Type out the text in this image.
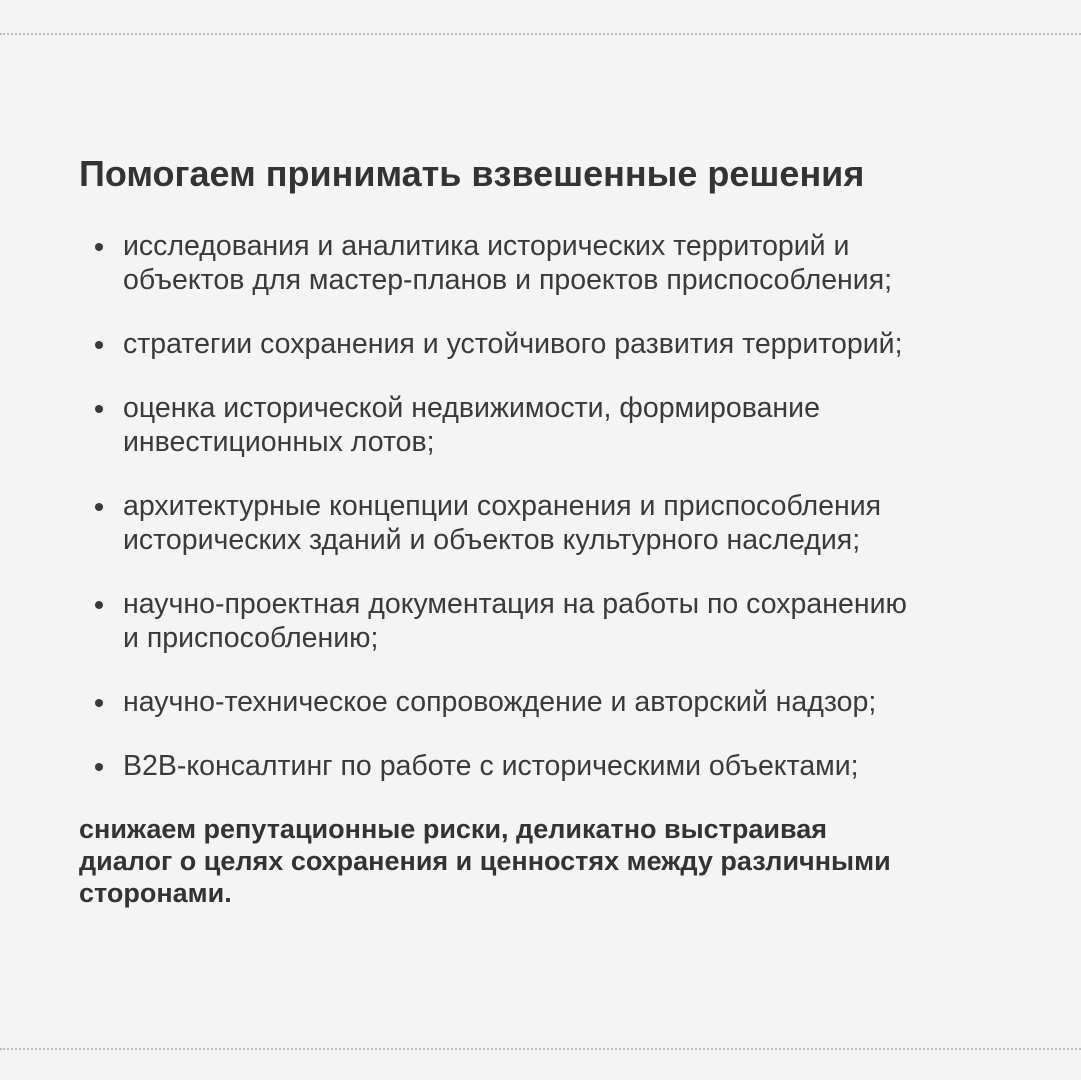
Помогаем принимать взвешенные решения
исследования и аналитика исторических территорий и
объектов для мастер-планов и проектов приспособления;
стратегии сохранения и устойчивого развития территорий;
оценка исторической недвижимости, формирование
инвестиционных лотов;
архитектурные концепции сохранения и приспособления
исторических зданий и объектов культурного наследия;
научно-проектная документация на работы по сохранению
и приспособлению;
научно-техническое сопровождение и авторский надзор;
B2B-консалтинг по работе с историческими объектами;

снижаем репутационные риски, деликатно выстраивая
диалог о целях сохранения и ценностях между различными
сторонами.
